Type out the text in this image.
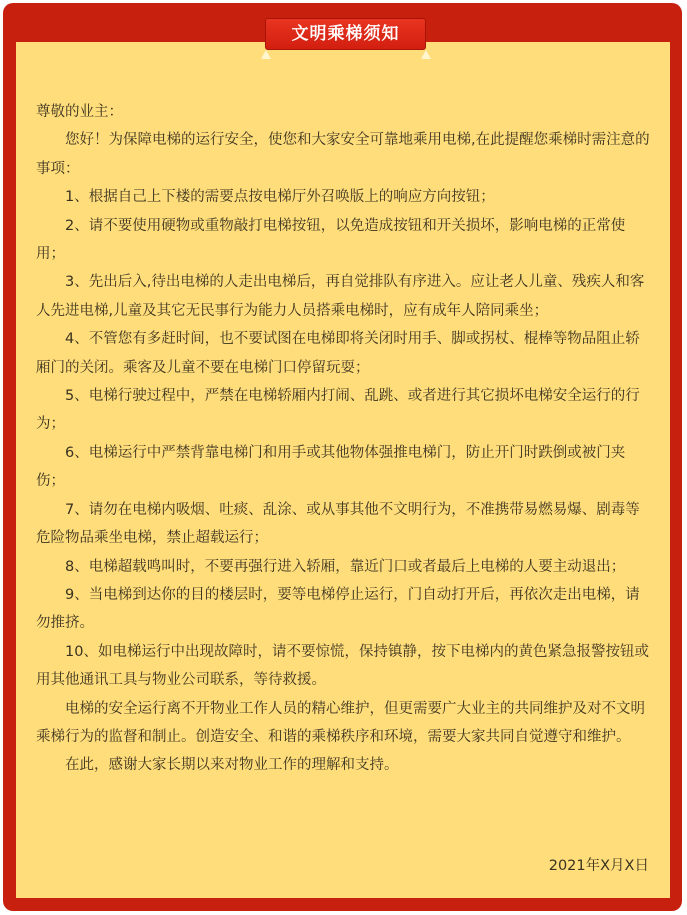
文明乘梯须知

尊敬的业主：

您好！为保障电梯的运行安全，使您和大家安全可靠地乘用电梯,在此提醒您乘梯时需注意的事项：

1、根据自己上下楼的需要点按电梯厅外召唤版上的响应方向按钮；

2、请不要使用硬物或重物敲打电梯按钮，以免造成按钮和开关损坏，影响电梯的正常使用；

3、先出后入,待出电梯的人走出电梯后，再自觉排队有序进入。应让老人儿童、残疾人和客人先进电梯,儿童及其它无民事行为能力人员搭乘电梯时，应有成年人陪同乘坐；

4、不管您有多赶时间，也不要试图在电梯即将关闭时用手、脚或拐杖、棍棒等物品阻止轿厢门的关闭。乘客及儿童不要在电梯门口停留玩耍；

5、电梯行驶过程中，严禁在电梯轿厢内打闹、乱跳、或者进行其它损坏电梯安全运行的行为；

6、电梯运行中严禁背靠电梯门和用手或其他物体强推电梯门，防止开门时跌倒或被门夹伤；

7、请勿在电梯内吸烟、吐痰、乱涂、或从事其他不文明行为，不准携带易燃易爆、剧毒等危险物品乘坐电梯，禁止超载运行；

8、电梯超载鸣叫时，不要再强行进入轿厢，靠近门口或者最后上电梯的人要主动退出；

9、当电梯到达你的目的楼层时，要等电梯停止运行，门自动打开后，再依次走出电梯，请勿推挤。

10、如电梯运行中出现故障时，请不要惊慌，保持镇静，按下电梯内的黄色紧急报警按钮或用其他通讯工具与物业公司联系，等待救援。

电梯的安全运行离不开物业工作人员的精心维护，但更需要广大业主的共同维护及对不文明乘梯行为的监督和制止。创造安全、和谐的乘梯秩序和环境，需要大家共同自觉遵守和维护。

在此，感谢大家长期以来对物业工作的理解和支持。

2021年X月X日
